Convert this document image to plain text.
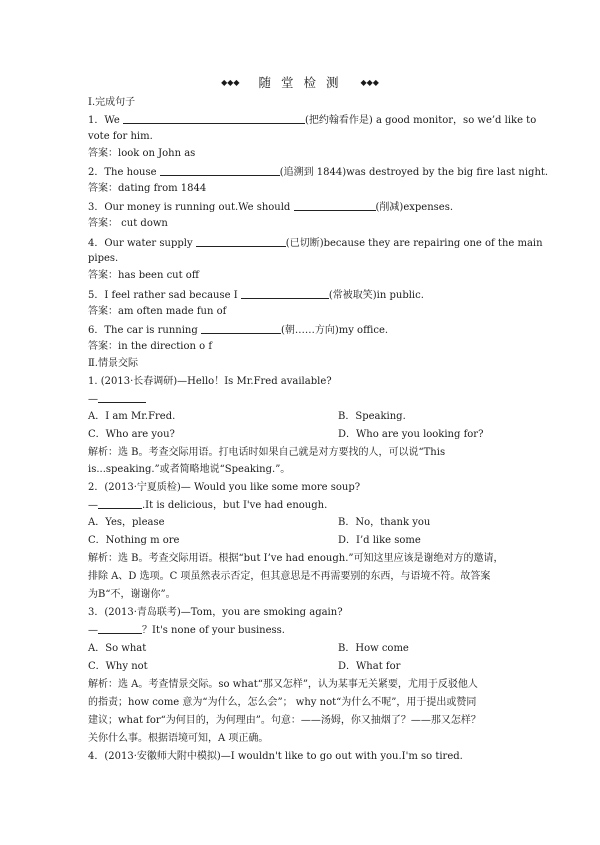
◆◆◆ 随 堂 检 测 ◆◆◆
Ⅰ.完成句子
1．We	(把约翰看作是) a good monitor，so we’d like to
vote for him.
答案：look on John as
2．The house	(追溯到 1844)was destroyed by the big fire last night.
答案：dating from 1844
3．Our money is running out.We should	(削减)expenses.
答案： cut down
4．Our water supply	(已切断)because they are repairing one of the main
pipes.
答案：has been cut off
5．I feel rather sad because I	(常被取笑)in public.
答案：am often made fun of
6．The car is running	(朝……方向)my office.
答案：in the direction o f
Ⅱ.情景交际
1. (2013·长春调研)—Hello！Is Mr.Fred available?
—
A．I am Mr.Fred.	B．Speaking.
C．Who are you?	D．Who are you looking for?
解析：选 B。考查交际用语。打电话时如果自己就是对方要找的人，可以说“This
is...speaking.”或者简略地说“Speaking.”。
2．(2013·宁夏质检)— Would you like some more soup?
—	.It is delicious，but I've had enough.
A．Yes，please	B．No，thank you
C．Nothing m ore	D．I’d like some
解析：选 B。考查交际用语。根据“but I’ve had enough.”可知这里应该是谢绝对方的邀请，
排除 A、D 选项。C 项虽然表示否定，但其意思是不再需要别的东西，与语境不符。故答案
为B“不，谢谢你”。
3．(2013·青岛联考)—Tom，you are smoking again?
—	？It's none of your business.
A．So what	B．How come
C．Why not	D．What for
解析：选 A。考查情景交际。so what“那又怎样”，认为某事无关紧要，尤用于反驳他人
的指责；how come 意为“为什么，怎么会”； why not“为什么不呢”，用于提出或赞同
建议；what for“为何目的，为何理由”。句意：——汤姆，你又抽烟了？——那又怎样？
关你什么事。根据语境可知，A 项正确。
4．(2013·安徽师大附中模拟)—I wouldn't like to go out with you.I'm so tired.
